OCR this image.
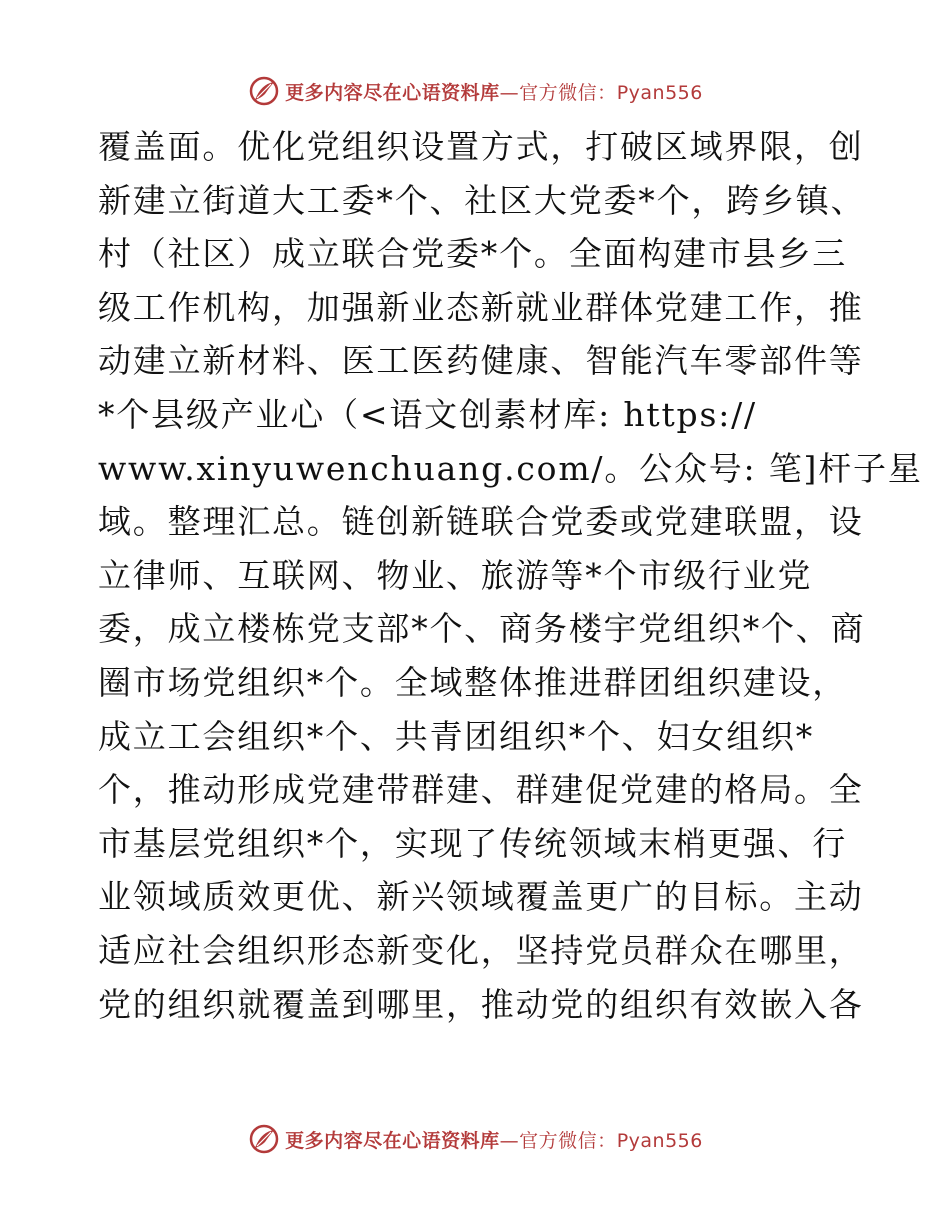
更多内容尽在心语资料库—官方微信：Pyan556
覆盖面。优化党组织设置方式，打破区域界限，创
新建立街道大工委*个、社区大党委*个，跨乡镇、
村（社区）成立联合党委*个。全面构建市县乡三
级工作机构，加强新业态新就业群体党建工作，推
动建立新材料、医工医药健康、智能汽车零部件等
*个县级产业心（<语文创素材库: https://
www.xinyuwenchuang.com/。公众号: 笔]杆子星
域。整理汇总。链创新链联合党委或党建联盟，设
立律师、互联网、物业、旅游等*个市级行业党
委，成立楼栋党支部*个、商务楼宇党组织*个、商
圈市场党组织*个。全域整体推进群团组织建设，
成立工会组织*个、共青团组织*个、妇女组织*
个，推动形成党建带群建、群建促党建的格局。全
市基层党组织*个，实现了传统领域末梢更强、行
业领域质效更优、新兴领域覆盖更广的目标。主动
适应社会组织形态新变化，坚持党员群众在哪里，
党的组织就覆盖到哪里，推动党的组织有效嵌入各
更多内容尽在心语资料库—官方微信：Pyan556
